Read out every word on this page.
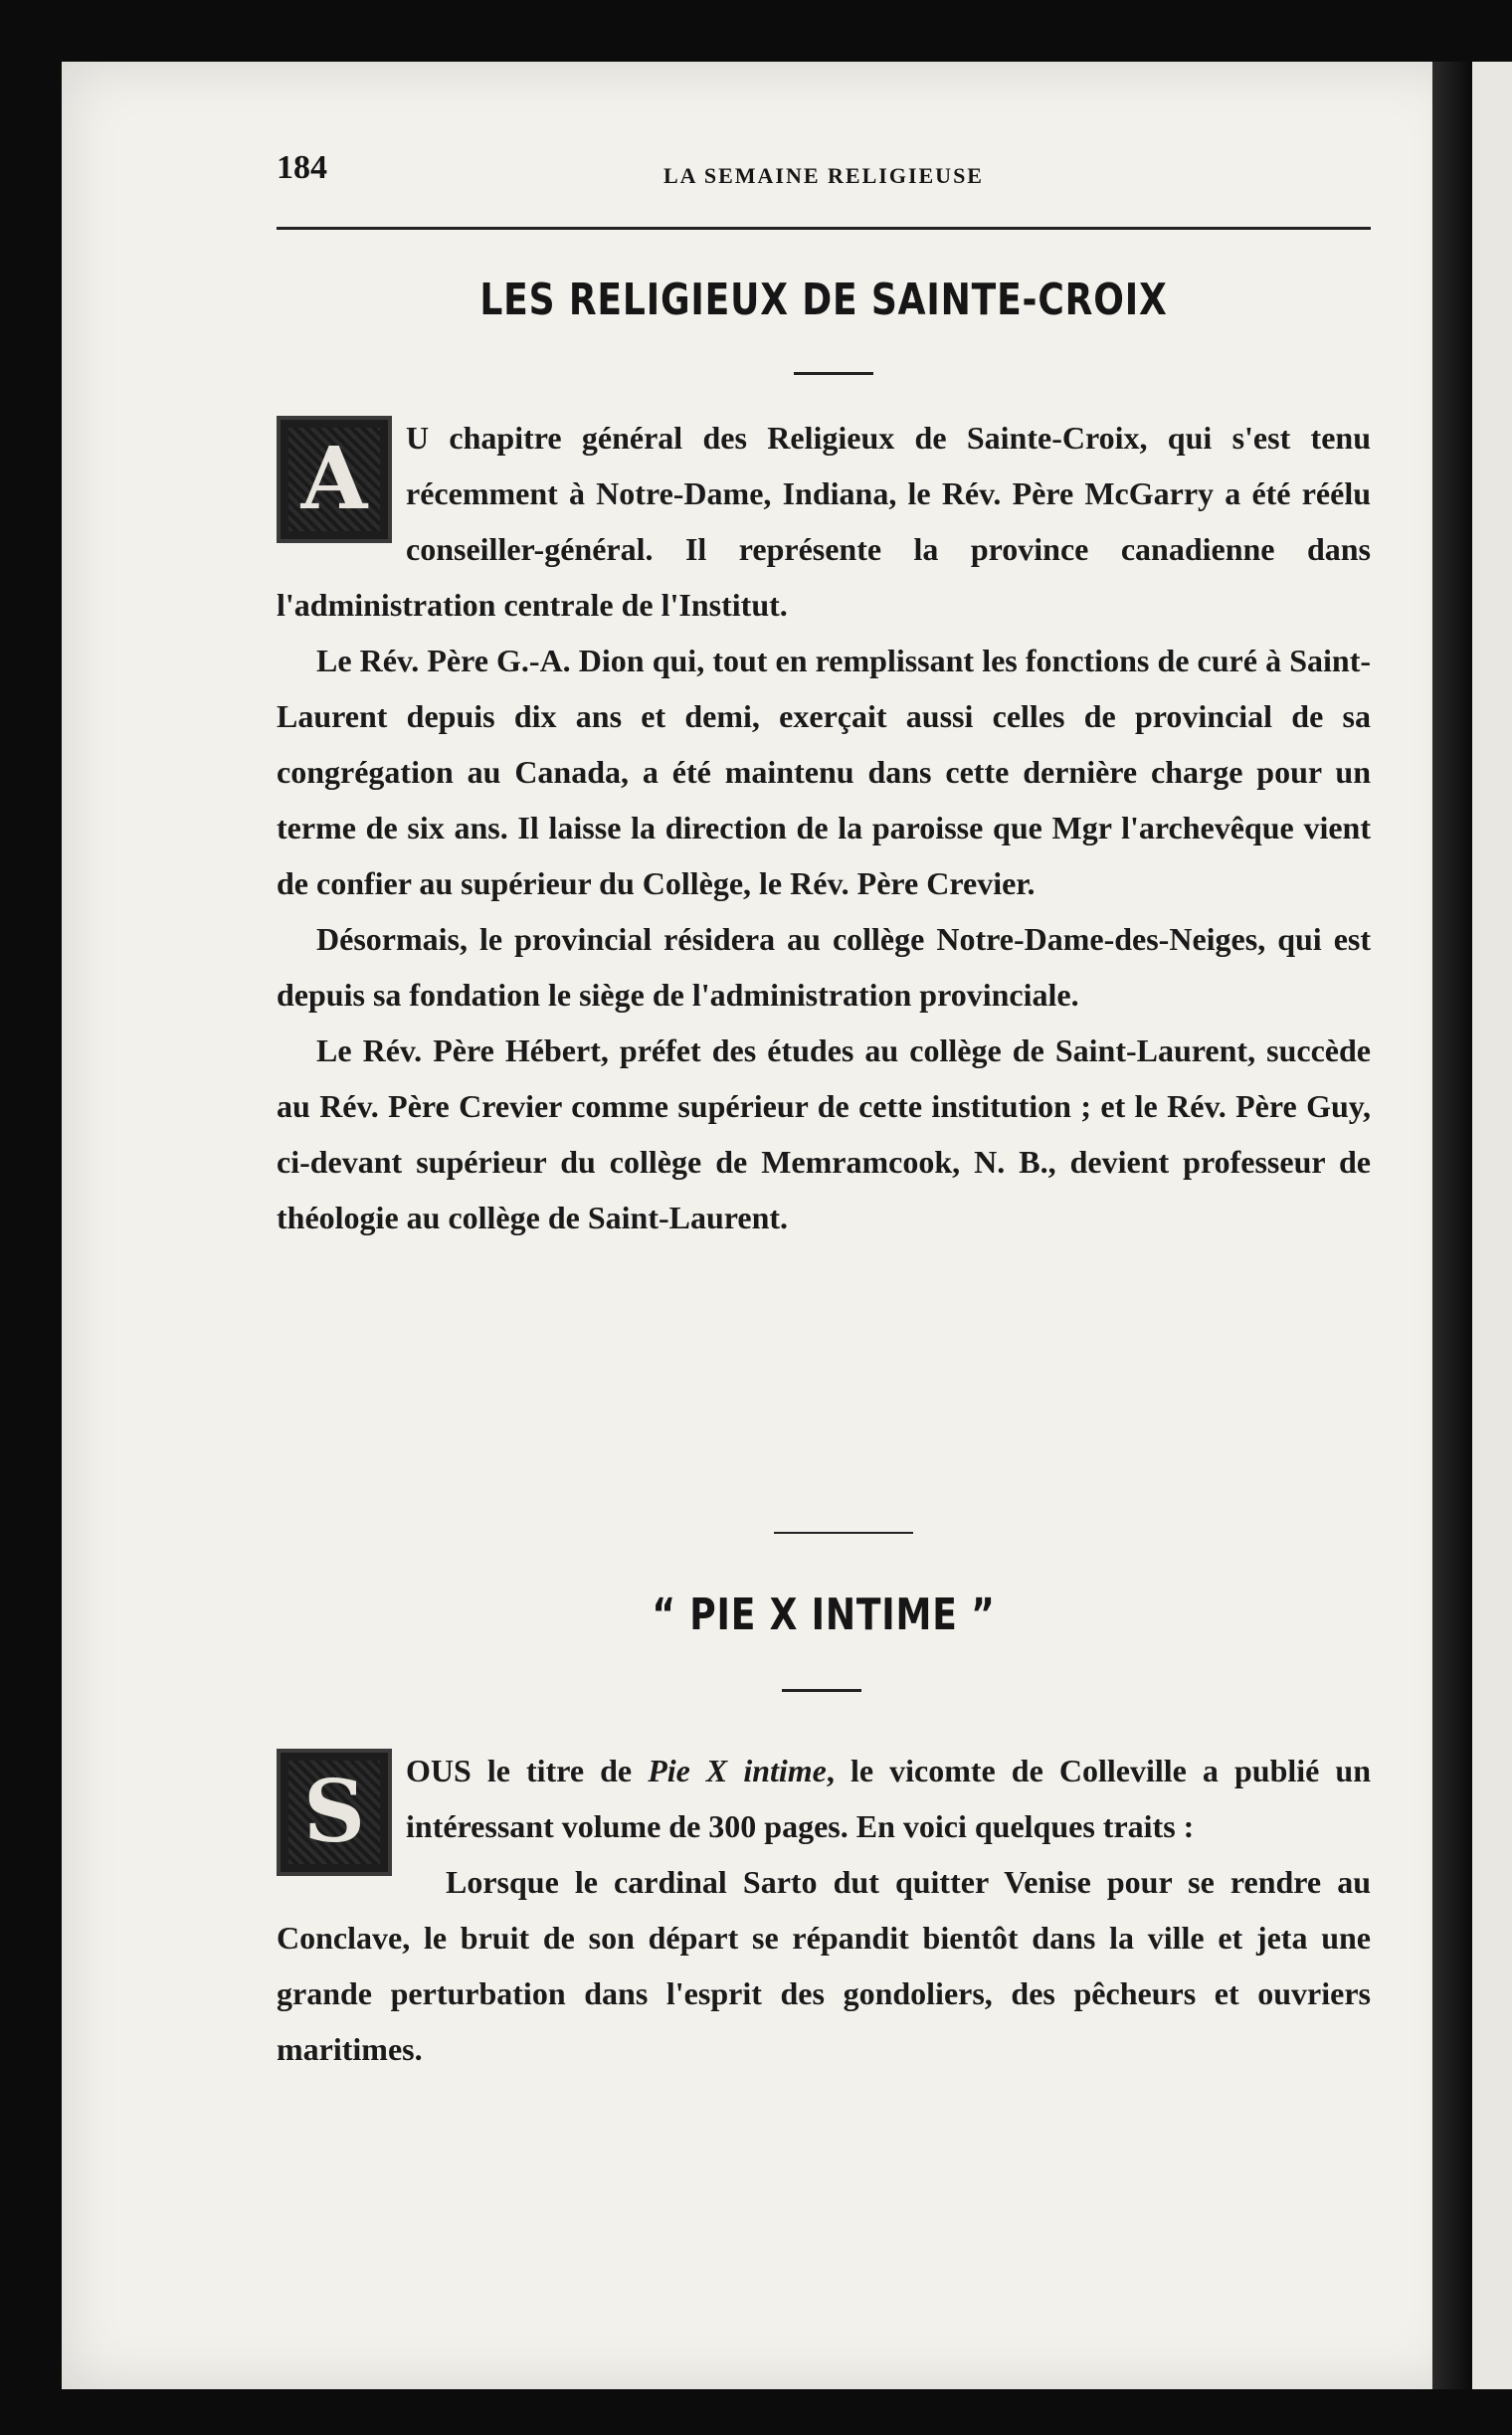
184	LA SEMAINE RELIGIEUSE
LES RELIGIEUX DE SAINTE-CROIX

A U chapitre général des Religieux de Sainte-Croix, qui s'est tenu récemment à Notre-Dame, Indiana, le Rév. Père McGarry a été réélu conseiller-général. Il représente la province canadienne dans l'administration centrale de l'Institut.

Le Rév. Père G.-A. Dion qui, tout en remplissant les fonctions de curé à Saint-Laurent depuis dix ans et demi, exerçait aussi celles de provincial de sa congrégation au Canada, a été maintenu dans cette dernière charge pour un terme de six ans. Il laisse la direction de la paroisse que Mgr l'archevêque vient de confier au supérieur du Collège, le Rév. Père Crevier.

Désormais, le provincial résidera au collège Notre-Dame-des-Neiges, qui est depuis sa fondation le siège de l'administration provinciale.

Le Rév. Père Hébert, préfet des études au collège de Saint-Laurent, succède au Rév. Père Crevier comme supérieur de cette institution ; et le Rév. Père Guy, ci-devant supérieur du collège de Memramcook, N. B., devient professeur de théologie au collège de Saint-Laurent.

“ PIE X INTIME ”

S OUS le titre de Pie X intime, le vicomte de Colleville a publié un intéressant volume de 300 pages. En voici quelques traits :

Lorsque le cardinal Sarto dut quitter Venise pour se rendre au Conclave, le bruit de son départ se répandit bientôt dans la ville et jeta une grande perturbation dans l'esprit des gondoliers, des pêcheurs et ouvriers maritimes.
